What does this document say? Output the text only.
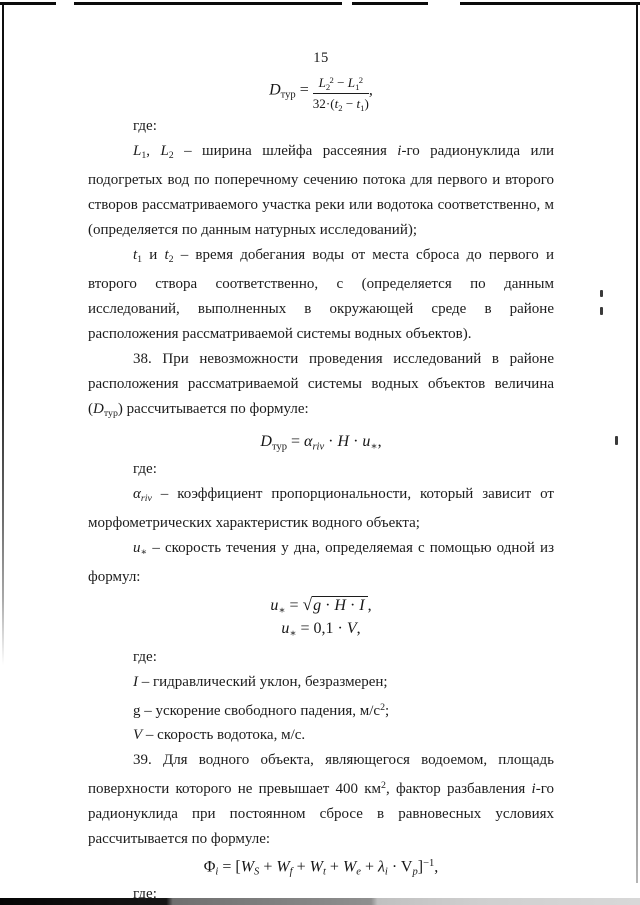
15
$D_{тур} = \frac{L_2^2 - L_1^2}{32\cdot(t_2 - t_1)}$ ,
где:

$L_1$, $L_2$ – ширина шлейфа рассеяния i-го радионуклида или подогретых вод по поперечному сечению потока для первого и второго створов рассматриваемого участка реки или водотока соответственно, м (определяется по данным натурных исследований);

$t_1$ и $t_2$ – время добегания воды от места сброса до первого и второго створа соответственно, с (определяется по данным исследований, выполненных в окружающей среде в районе расположения рассматриваемой системы водных объектов).

38. При невозможности проведения исследований в районе расположения рассматриваемой системы водных объектов величина $(D_{тур})$ рассчитывается по формуле:

$D_{тур} = \alpha_{riv} \cdot H \cdot u_∗$,
где:

$\alpha_{riv}$ – коэффициент пропорциональности, который зависит от морфометрических характеристик водного объекта;

$u_∗$ – скорость течения у дна, определяемая с помощью одной из формул:

$u_∗ = √g \cdot H \cdot I$ ,
$u_∗ = 0,1 \cdot V$,
где:

I – гидравлический уклон, безразмерен;

g – ускорение свободного падения, $м/с^2$;

V – скорость водотока, м/с.

39. Для водного объекта, являющегося водоемом, площадь поверхности которого не превышает 400 $км^2$, фактор разбавления i-го радионуклида при постоянном сбросе в равновесных условиях рассчитывается по формуле:

$\Phi_i = [W_S + W_f + W_t + W_e + \lambda_i \cdot V_p]^{-1}$,
где:
